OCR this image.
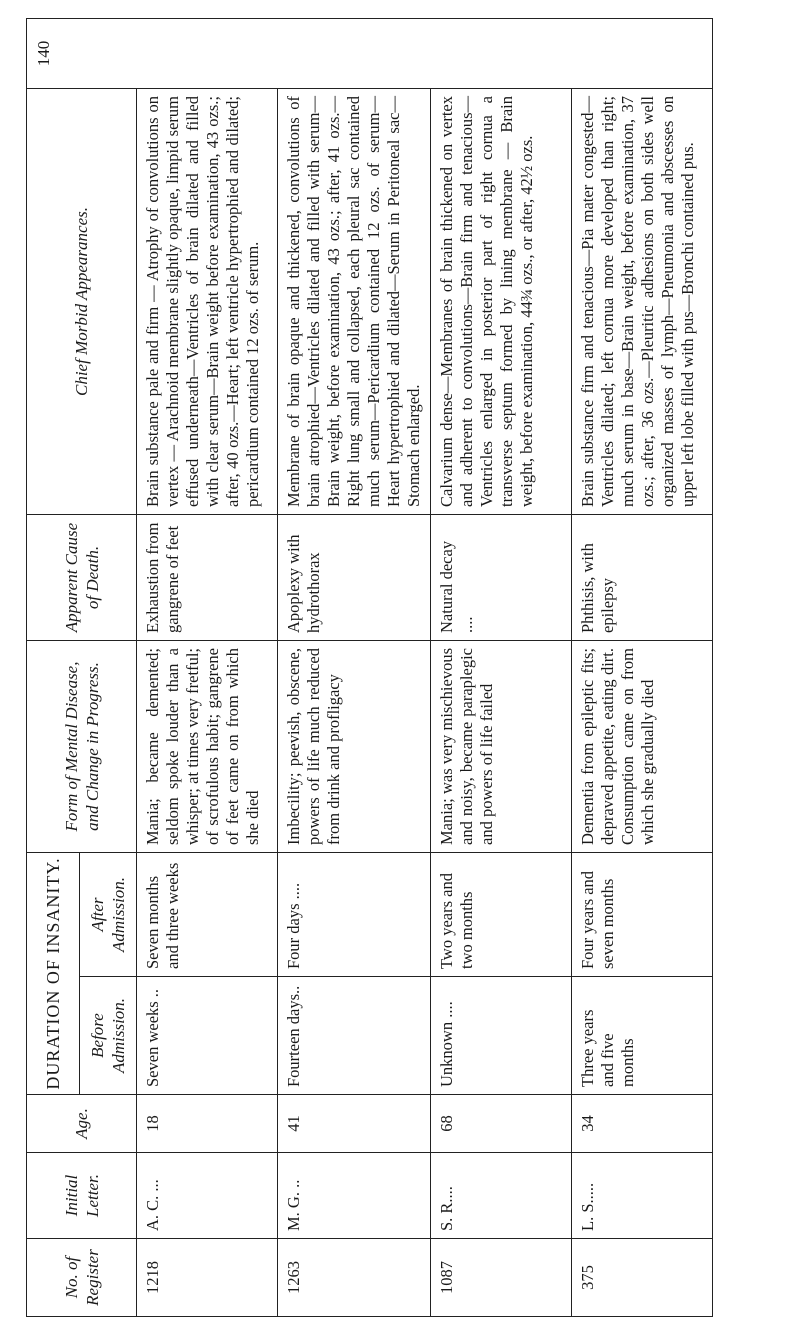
No. of Register	Initial Letter.	Age.	DURATION OF INSANITY.		Form of Mental Disease, and Change in Progress.	Apparent Cause of Death.	Chief Morbid Appearances.	140
			Before Admission.	After Admission.				
1218	A. C. ...	18	Seven weeks ..	Seven months and three weeks	Mania; became demented; seldom spoke louder than a whisper; at times very fretful; of scrofulous habit; gangrene of feet came on from which she died	Exhaustion from gangrene of feet	Brain substance pale and firm — Atrophy of convolutions on vertex — Arachnoid membrane slightly opaque, limpid serum effused underneath—Ventricles of brain dilated and filled with clear serum—Brain weight before examination, 43 ozs.; after, 40 ozs.—Heart; left ventricle hypertrophied and dilated; pericardium contained 12 ozs. of serum.	
1263	M. G. ..	41	Fourteen days..	Four days ....	Imbecility; peevish, obscene, powers of life much reduced from drink and profligacy	Apoplexy with hydrothorax	Membrane of brain opaque and thickened, convolutions of brain atrophied—Ventricles dilated and filled with serum—Brain weight, before examination, 43 ozs.; after, 41 ozs.—Right lung small and collapsed, each pleural sac contained much serum—Pericardium contained 12 ozs. of serum—Heart hypertrophied and dilated—Serum in Peritoneal sac—Stomach enlarged.	
1087	S. R....	68	Unknown ....	Two years and two months	Mania; was very mischievous and noisy, became paraplegic and powers of life failed	Natural decay ....	Calvarium dense—Membranes of brain thickened on vertex and adherent to convolutions—Brain firm and tenacious—Ventricles enlarged in posterior part of right cornua a transverse septum formed by lining membrane — Brain weight, before examination, 44¾ ozs., or after, 42½ ozs.	
375	L. S.....	34	Three years and five months	Four years and seven months	Dementia from epileptic fits; depraved appetite, eating dirt. Consumption came on from which she gradually died	Phthisis, with epilepsy	Brain substance firm and tenacious—Pia mater congested—Ventricles dilated; left cornua more developed than right; much serum in base—Brain weight, before examination, 37 ozs.; after, 36 ozs.—Pleuritic adhesions on both sides well organized masses of lymph—Pneumonia and abscesses on upper left lobe filled with pus—Bronchi contained pus.	
